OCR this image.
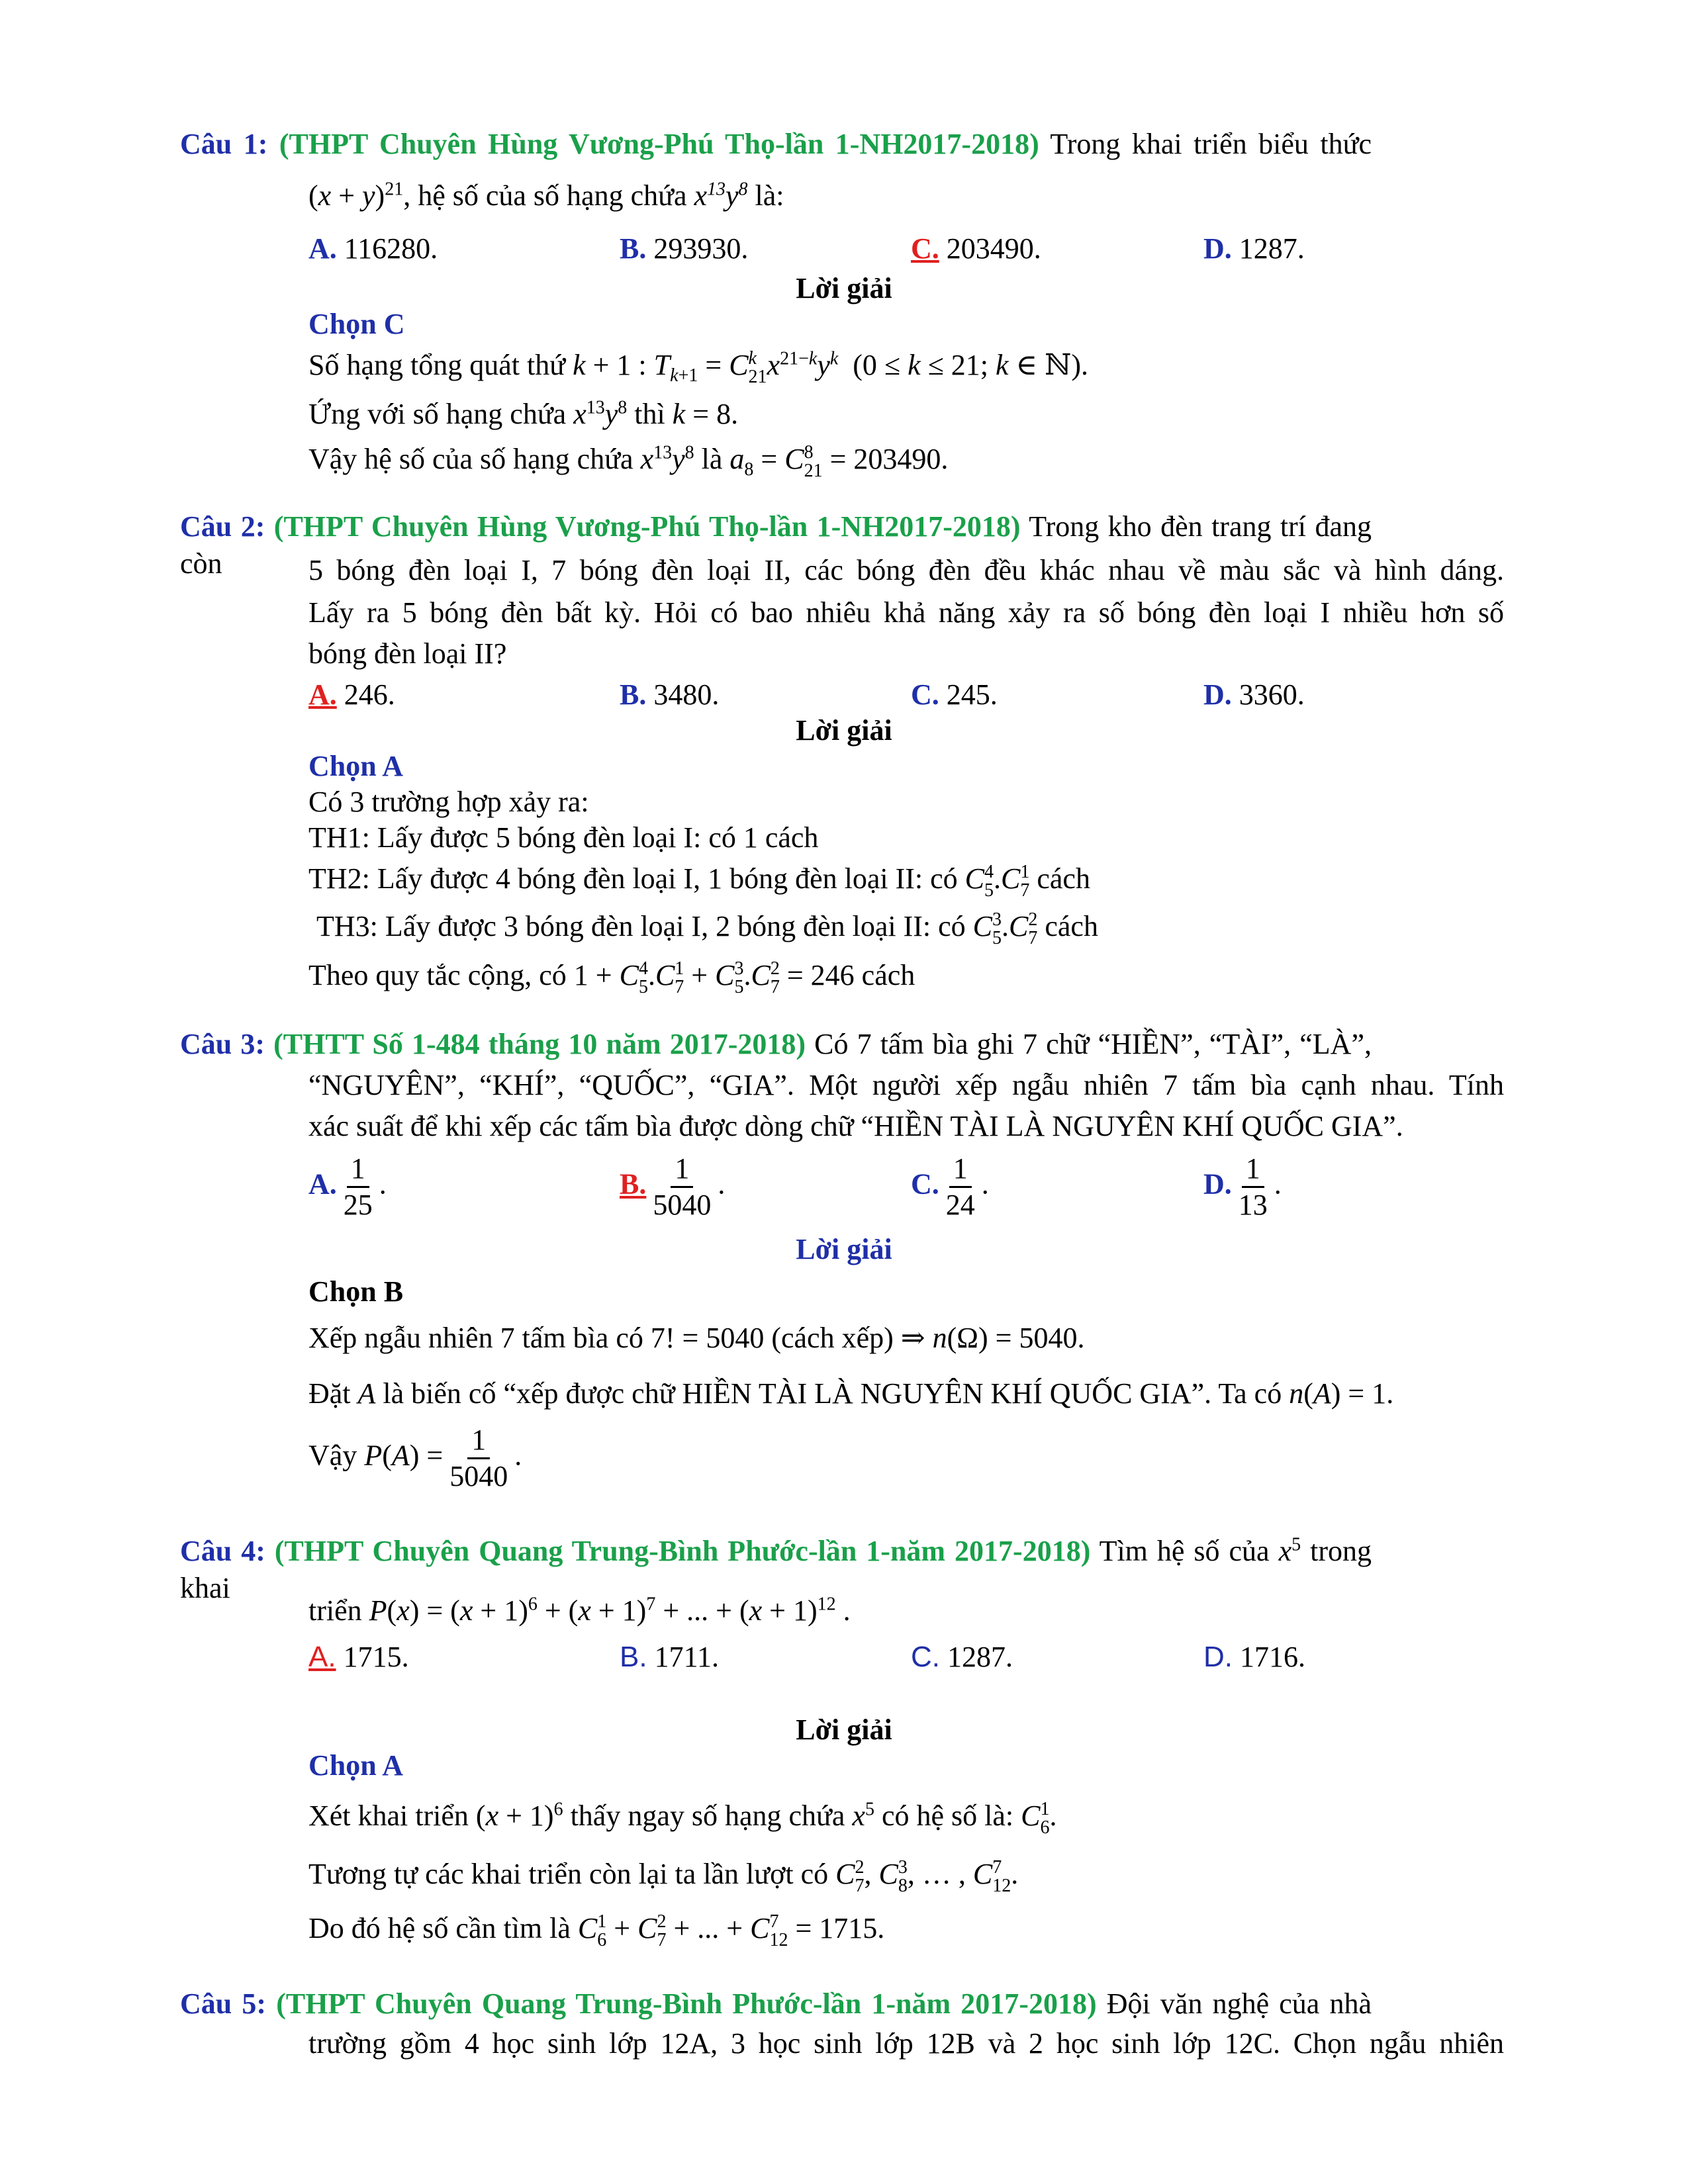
Câu 1: (THPT Chuyên Hùng Vương-Phú Thọ-lần 1-NH2017-2018) Trong khai triển biểu thức
$(x + y)^{21}$, hệ số của số hạng chứa $x^{13}y^8$ là:
A. 116280.	B. 293930.	C. 203490.	D. 1287.
Lời giải
Chọn C
Số hạng tổng quát thứ k + 1 : $T_{k+1} = C$ k
21 $x^{21-k}y^k$  (0 ≤ k ≤ 21; k ∈ ℕ).
Ứng với số hạng chứa $x^{13}y^8$ thì k = 8.
Vậy hệ số của số hạng chứa $x^{13}y^8$ là $a_8 = C$ 8
21 = 203490.
Câu 2: (THPT Chuyên Hùng Vương-Phú Thọ-lần 1-NH2017-2018) Trong kho đèn trang trí đang còn	5 bóng đèn loại I, 7 bóng đèn loại II, các bóng đèn đều khác nhau về màu sắc và hình dáng.
Lấy ra 5 bóng đèn bất kỳ. Hỏi có bao nhiêu khả năng xảy ra số bóng đèn loại I nhiều hơn số
bóng đèn loại II?
A. 246.	B. 3480.	C. 245.	D. 3360.
Lời giải
Chọn A
Có 3 trường hợp xảy ra:
TH1: Lấy được 5 bóng đèn loại I: có 1 cách
TH2: Lấy được 4 bóng đèn loại I, 1 bóng đèn loại II: có C 4
5 .C 1
7 cách
TH3: Lấy được 3 bóng đèn loại I, 2 bóng đèn loại II: có C 3
5 .C 2
7 cách
Theo quy tắc cộng, có 1 + C 4
5 .C 1
7 + C 3
5 .C 2
7 = 246 cách
Câu 3: (THTT Số 1-484 tháng 10 năm 2017-2018) Có 7 tấm bìa ghi 7 chữ “HIỀN”, “TÀI”, “LÀ”,
“NGUYÊN”, “KHÍ”, “QUỐC”, “GIA”. Một người xếp ngẫu nhiên 7 tấm bìa cạnh nhau. Tính
xác suất để khi xếp các tấm bìa được dòng chữ “HIỀN TÀI LÀ NGUYÊN KHÍ QUỐC GIA”.
A. $\frac{1}{25}$ .	B. $\frac{1}{5040}$ .	C. $\frac{1}{24}$ .	D. $\frac{1}{13}$ .
Lời giải
Chọn B
Xếp ngẫu nhiên 7 tấm bìa có 7! = 5040 (cách xếp) ⇒ n(Ω) = 5040.
Đặt A là biến cố “xếp được chữ HIỀN TÀI LÀ NGUYÊN KHÍ QUỐC GIA”. Ta có n(A) = 1.
Vậy $P(A) = \frac{1}{5040}$ .
Câu 4: (THPT Chuyên Quang Trung-Bình Phước-lần 1-năm 2017-2018) Tìm hệ số của $x^5$ trong khai
triển $P(x) = (x + 1)^6 + (x + 1)^7$ + ... + $(x + 1)^{12}$ .
A. 1715.	B. 1711.	C. 1287.	D. 1716.
Lời giải
Chọn A
Xét khai triển $(x + 1)^6$ thấy ngay số hạng chứa $x^5$ có hệ số là: C 1
6 .
Tương tự các khai triển còn lại ta lần lượt có C 2
7 , C 3
8 , … , C 7
12 .
Do đó hệ số cần tìm là C 1
6 + C 2
7 + ... + C 7
12 = 1715.
Câu 5: (THPT Chuyên Quang Trung-Bình Phước-lần 1-năm 2017-2018) Đội văn nghệ của nhà
trường gồm 4 học sinh lớp 12A, 3 học sinh lớp 12B và 2 học sinh lớp 12C. Chọn ngẫu nhiên
